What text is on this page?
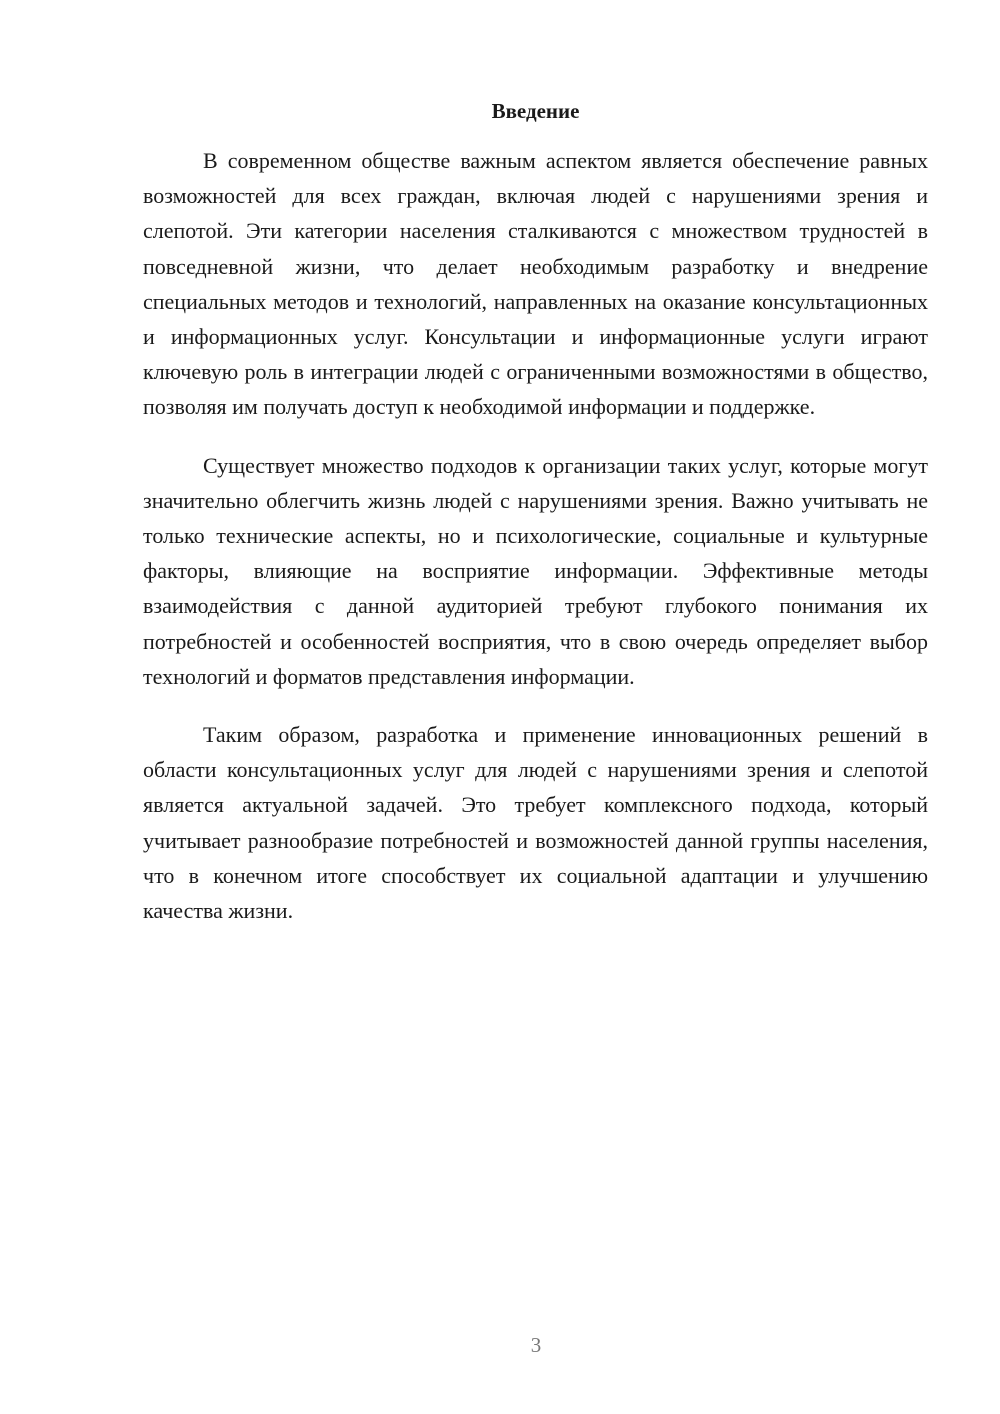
Введение

В современном обществе важным аспектом является обеспечение равных возможностей для всех граждан, включая людей с нарушениями зрения и слепотой. Эти категории населения сталкиваются с множеством трудностей в повседневной жизни, что делает необходимым разработку и внедрение специальных методов и технологий, направленных на оказание консультационных и информационных услуг. Консультации и информационные услуги играют ключевую роль в интеграции людей с ограниченными возможностями в общество, позволяя им получать доступ к необходимой информации и поддержке.

Существует множество подходов к организации таких услуг, которые могут значительно облегчить жизнь людей с нарушениями зрения. Важно учитывать не только технические аспекты, но и психологические, социальные и культурные факторы, влияющие на восприятие информации. Эффективные методы взаимодействия с данной аудиторией требуют глубокого понимания их потребностей и особенностей восприятия, что в свою очередь определяет выбор технологий и форматов представления информации.

Таким образом, разработка и применение инновационных решений в области консультационных услуг для людей с нарушениями зрения и слепотой является актуальной задачей. Это требует комплексного подхода, который учитывает разнообразие потребностей и возможностей данной группы населения, что в конечном итоге способствует их социальной адаптации и улучшению качества жизни.

3
